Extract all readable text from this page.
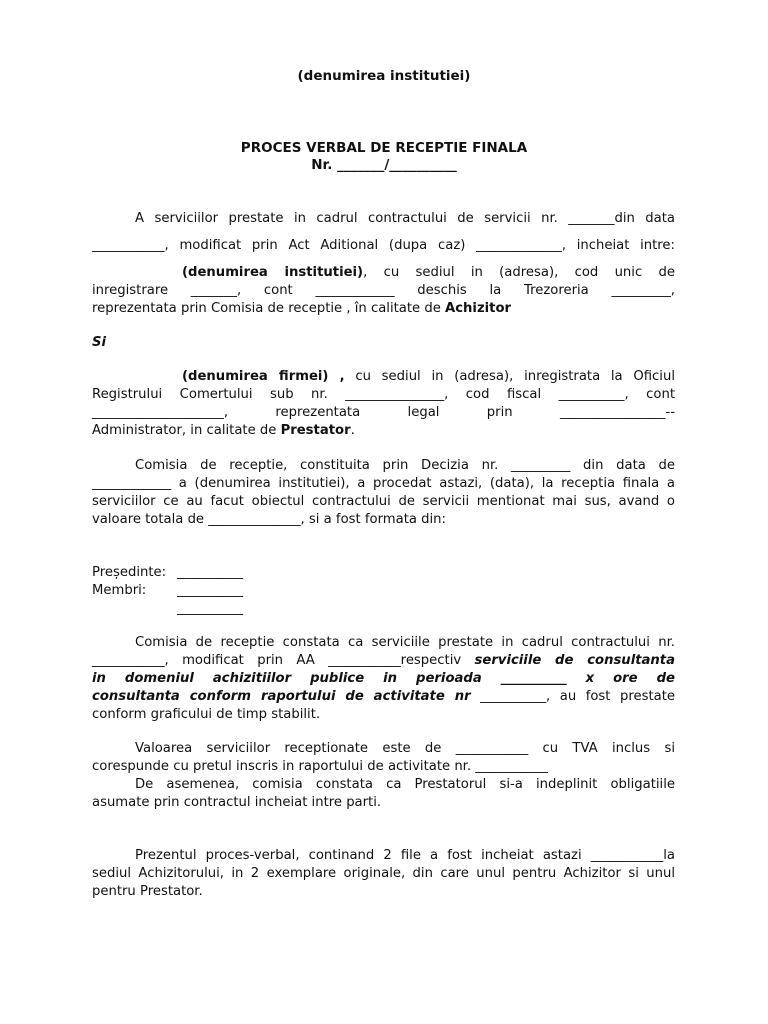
(denumirea institutiei)
PROCES VERBAL DE RECEPTIE FINALA
Nr. _______/__________
A serviciilor prestate in cadrul contractului de servicii nr. _______din data
___________, modificat prin Act Aditional (dupa caz) _____________, incheiat intre:
(denumirea institutiei), cu sediul in (adresa), cod unic de
inregistrare _______, cont ____________ deschis la Trezoreria _________,
reprezentata prin Comisia de receptie , în calitate de Achizitor
Si
(denumirea firmei) , cu sediul in (adresa), inregistrata la Oficiul
Registrului Comertului sub nr. _______________, cod fiscal __________, cont
____________________, reprezentata legal prin ________________--
Administrator, in calitate de Prestator.
Comisia de receptie, constituita prin Decizia nr. _________ din data de
____________ a (denumirea institutiei), a procedat astazi, (data), la receptia finala a
serviciilor ce au facut obiectul contractului de servicii mentionat mai sus, avand o
valoare totala de ______________, si a fost formata din:
Președinte: __________
Membri: __________
__________
Comisia de receptie constata ca serviciile prestate in cadrul contractului nr.
___________, modificat prin AA ___________respectiv serviciile de consultanta
in domeniul achizitiilor publice in perioada __________ x ore de
consultanta conform raportului de activitate nr __________, au fost prestate
conform graficului de timp stabilit.
Valoarea serviciilor receptionate este de ___________ cu TVA inclus si
corespunde cu pretul inscris in raportului de activitate nr. ___________
De asemenea, comisia constata ca Prestatorul si-a indeplinit obligatiile
asumate prin contractul incheiat intre parti.
Prezentul proces-verbal, continand 2 file a fost incheiat astazi ___________la
sediul Achizitorului, in 2 exemplare originale, din care unul pentru Achizitor si unul
pentru Prestator.
